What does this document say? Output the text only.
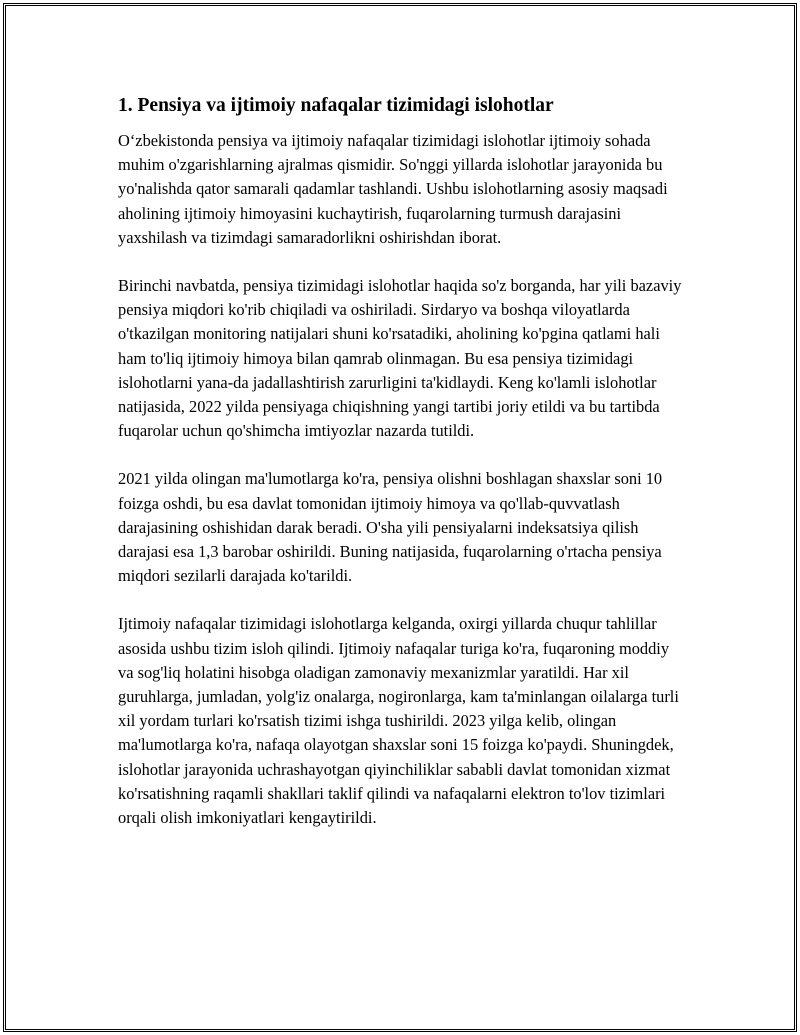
1. Pensiya va ijtimoiy nafaqalar tizimidagi islohotlar

O‘zbekistonda pensiya va ijtimoiy nafaqalar tizimidagi islohotlar ijtimoiy sohada muhim o'zgarishlarning ajralmas qismidir. So'nggi yillarda islohotlar jarayonida bu yo'nalishda qator samarali qadamlar tashlandi. Ushbu islohotlarning asosiy maqsadi aholining ijtimoiy himoyasini kuchaytirish, fuqarolarning turmush darajasini yaxshilash va tizimdagi samaradorlikni oshirishdan iborat.

Birinchi navbatda, pensiya tizimidagi islohotlar haqida so'z borganda, har yili bazaviy pensiya miqdori ko'rib chiqiladi va oshiriladi. Sirdaryo va boshqa viloyatlarda o'tkazilgan monitoring natijalari shuni ko'rsatadiki, aholining ko'pgina qatlami hali ham to'liq ijtimoiy himoya bilan qamrab olinmagan. Bu esa pensiya tizimidagi islohotlarni yana-da jadallashtirish zarurligini ta'kidlaydi. Keng ko'lamli islohotlar natijasida, 2022 yilda pensiyaga chiqishning yangi tartibi joriy etildi va bu tartibda fuqarolar uchun qo'shimcha imtiyozlar nazarda tutildi.

2021 yilda olingan ma'lumotlarga ko'ra, pensiya olishni boshlagan shaxslar soni 10 foizga oshdi, bu esa davlat tomonidan ijtimoiy himoya va qo'llab-quvvatlash darajasining oshishidan darak beradi. O'sha yili pensiyalarni indeksatsiya qilish darajasi esa 1,3 barobar oshirildi. Buning natijasida, fuqarolarning o'rtacha pensiya miqdori sezilarli darajada ko'tarildi.

Ijtimoiy nafaqalar tizimidagi islohotlarga kelganda, oxirgi yillarda chuqur tahlillar asosida ushbu tizim isloh qilindi. Ijtimoiy nafaqalar turiga ko'ra, fuqaroning moddiy va sog'liq holatini hisobga oladigan zamonaviy mexanizmlar yaratildi. Har xil guruhlarga, jumladan, yolg'iz onalarga, nogironlarga, kam ta'minlangan oilalarga turli xil yordam turlari ko'rsatish tizimi ishga tushirildi. 2023 yilga kelib, olingan ma'lumotlarga ko'ra, nafaqa olayotgan shaxslar soni 15 foizga ko'paydi. Shuningdek, islohotlar jarayonida uchrashayotgan qiyinchiliklar sababli davlat tomonidan xizmat ko'rsatishning raqamli shakllari taklif qilindi va nafaqalarni elektron to'lov tizimlari orqali olish imkoniyatlari kengaytirildi.
